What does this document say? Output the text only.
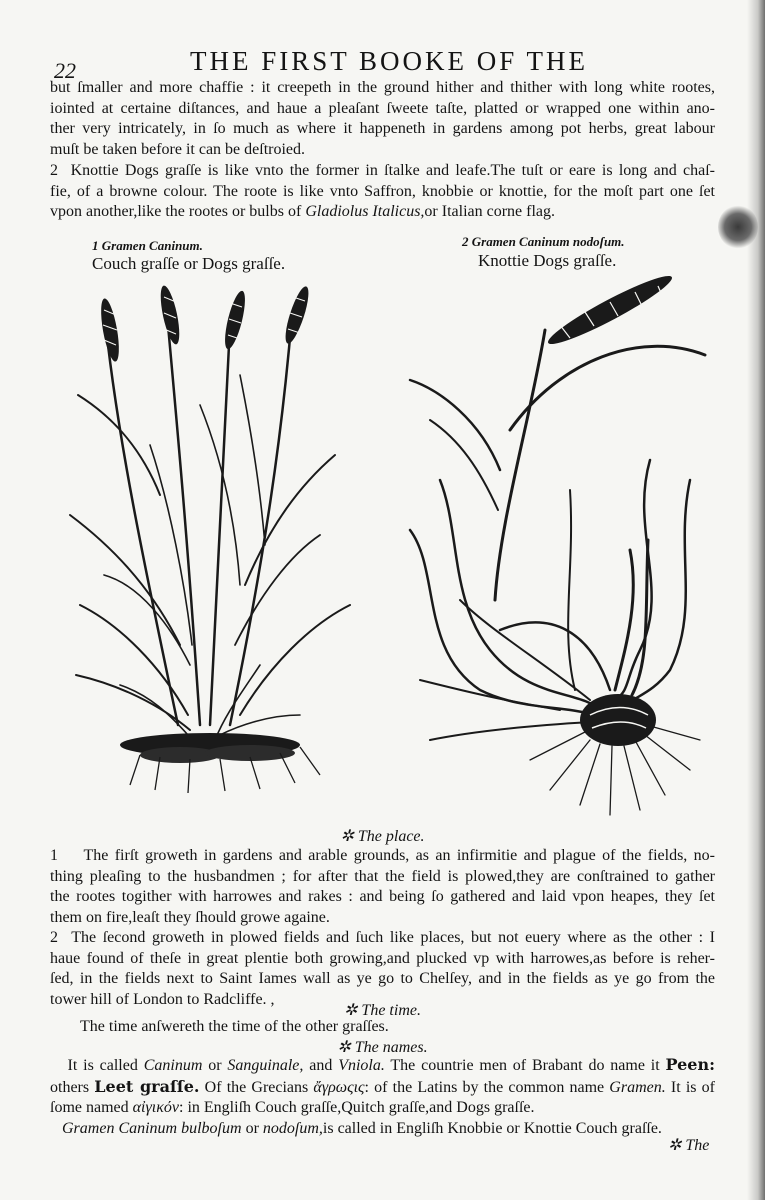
22	THE FIRST BOOKE OF THE
but ſmaller and more chaffie : it creepeth in the ground hither and thither with long white rootes,
iointed at certaine diſtances, and haue a pleaſant ſweete taſte, platted or wrapped one within ano-
ther very intricately, in ſo much as where it happeneth in gardens among pot herbs, great labour
muſt be taken before it can be deſtroied.
2 Knottie Dogs graſſe is like vnto the former in ſtalke and leafe.The tuſt or eare is long and chaſ-
fie, of a browne colour. The roote is like vnto Saffron, knobbie or knottie, for the moſt part one ſet
vpon another,like the rootes or bulbs of Gladiolus Italicus,or Italian corne flag.
1 Gramen Caninum.
Couch graſſe or Dogs graſſe.
2 Gramen Caninum nodoſum.
Knottie Dogs graſſe.
✲ The place.
1 The firſt groweth in gardens and arable grounds, as an infirmitie and plague of the fields, no-
thing pleaſing to the husbandmen ; for after that the field is plowed,they are conſtrained to gather
the rootes togither with harrowes and rakes : and being ſo gathered and laid vpon heapes, they ſet
them on fire,leaſt they ſhould growe againe.
2 The ſecond groweth in plowed fields and ſuch like places, but not euery where as the other : I
haue found of theſe in great plentie both growing,and plucked vp with harrowes,as before is reher-
ſed, in the fields next to Saint Iames wall as ye go to Chelſey, and in the fields as ye go from the
tower hill of London to Radcliffe. ,
✲ The time.
The time anſwereth the time of the other graſſes.
✲ The names.
It is called Caninum or Sanguinale, and Vniola. The countrie men of Brabant do name it Peen:
others Leet graſſe. Of the Grecians ἄγρωςις: of the Latins by the common name Gramen. It is of
ſome named αἰγικόν: in Engliſh Couch graſſe,Quitch graſſe,and Dogs graſſe.
Gramen Caninum bulboſum or nodoſum,is called in Engliſh Knobbie or Knottie Couch graſſe.
✲ The
